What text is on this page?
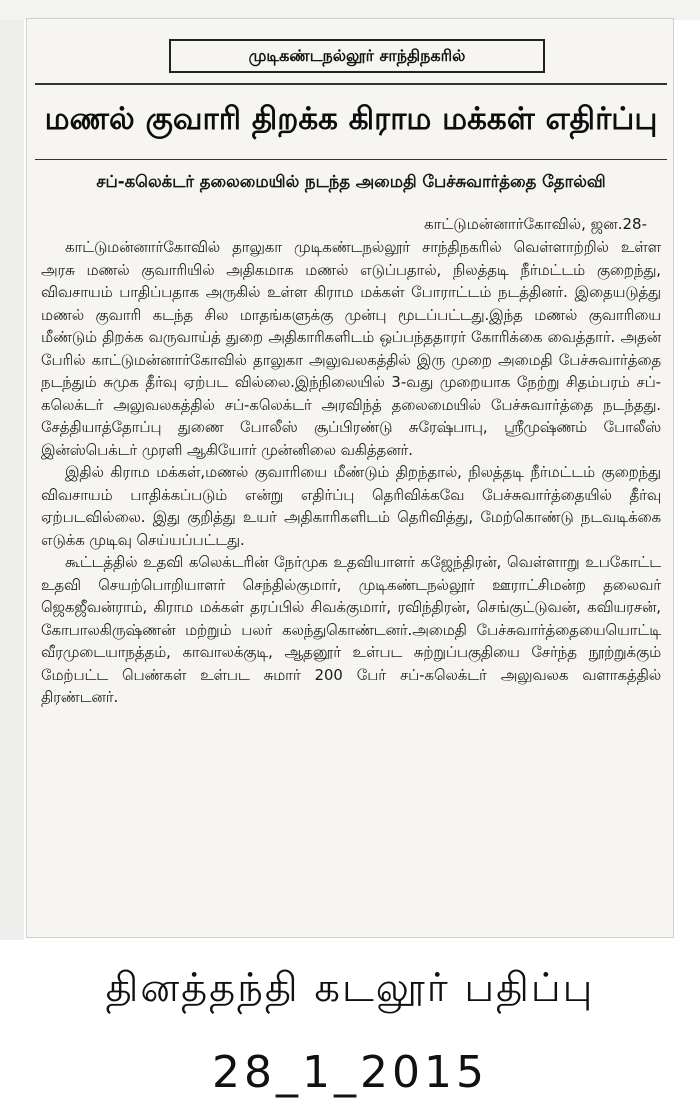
முடிகண்டநல்லூர் சாந்திநகரில்
மணல் குவாரி திறக்க கிராம மக்கள் எதிர்ப்பு
சப்-கலெக்டர் தலைமையில் நடந்த அமைதி பேச்சுவார்த்தை தோல்வி
காட்டுமன்னார்கோவில், ஜன.28-

காட்டுமன்னார்கோவில் தாலுகா முடிகண்டநல்லூர் சாந்திநகரில் வெள்ளாற்றில் உள்ள அரசு மணல் குவாரியில் அதிகமாக மணல் எடுப்பதால், நிலத்தடி நீர்மட்டம் குறைந்து, விவசாயம் பாதிப்பதாக அருகில் உள்ள கிராம மக்கள் போராட்டம் நடத்தினர். இதையடுத்து மணல் குவாரி கடந்த சில மாதங்களுக்கு முன்பு மூடப்பட்டது.இந்த மணல் குவாரியை மீண்டும் திறக்க வருவாய்த் துறை அதிகாரிகளிடம் ஒப்பந்ததாரர் கோரிக்கை வைத்தார். அதன் பேரில் காட்டுமன்னார்கோவில் தாலுகா அலுவலகத்தில் இரு முறை அமைதி பேச்சுவார்த்தை நடந்தும் சுமுக தீர்வு ஏற்பட வில்லை.இந்நிலையில் 3-வது முறையாக நேற்று சிதம்பரம் சப்-கலெக்டர் அலுவலகத்தில் சப்-கலெக்டர் அரவிந்த் தலைமையில் பேச்சுவார்த்தை நடந்தது. சேத்தியாத்தோப்பு துணை போலீஸ் சூப்பிரண்டு சுரேஷ்பாபு, ஸ்ரீமுஷ்ணம் போலீஸ் இன்ஸ்பெக்டர் முரளி ஆகியோர் முன்னிலை வகித்தனர்.

இதில் கிராம மக்கள்,மணல் குவாரியை மீண்டும் திறந்தால், நிலத்தடி நீர்மட்டம் குறைந்து விவசாயம் பாதிக்கப்படும் என்று எதிர்ப்பு தெரிவிக்கவே பேச்சுவார்த்தையில் தீர்வு ஏற்படவில்லை. இது குறித்து உயர் அதிகாரிகளிடம் தெரிவித்து, மேற்கொண்டு நடவடிக்கை எடுக்க முடிவு செய்யப்பட்டது.

கூட்டத்தில் உதவி கலெக்டரின் நேர்முக உதவியாளர் கஜேந்திரன், வெள்ளாறு உபகோட்ட உதவி செயற்பொறியாளர் செந்தில்குமார், முடிகண்டநல்லூர் ஊராட்சிமன்ற தலைவர் ஜெகஜீவன்ராம், கிராம மக்கள் தரப்பில் சிவக்குமார், ரவிந்திரன், செங்குட்டுவன், கவியரசன், கோபாலகிருஷ்ணன் மற்றும் பலர் கலந்துகொண்டனர்.அமைதி பேச்சுவார்த்தையையொட்டி வீரமுடையாநத்தம், காவாலக்குடி, ஆதனூர் உள்பட சுற்றுப்பகுதியை சேர்ந்த நூற்றுக்கும் மேற்பட்ட பெண்கள் உள்பட சுமார் 200 பேர் சப்-கலெக்டர் அலுவலக வளாகத்தில் திரண்டனர்.

தினத்தந்தி கடலூர் பதிப்பு
28_1_2015
